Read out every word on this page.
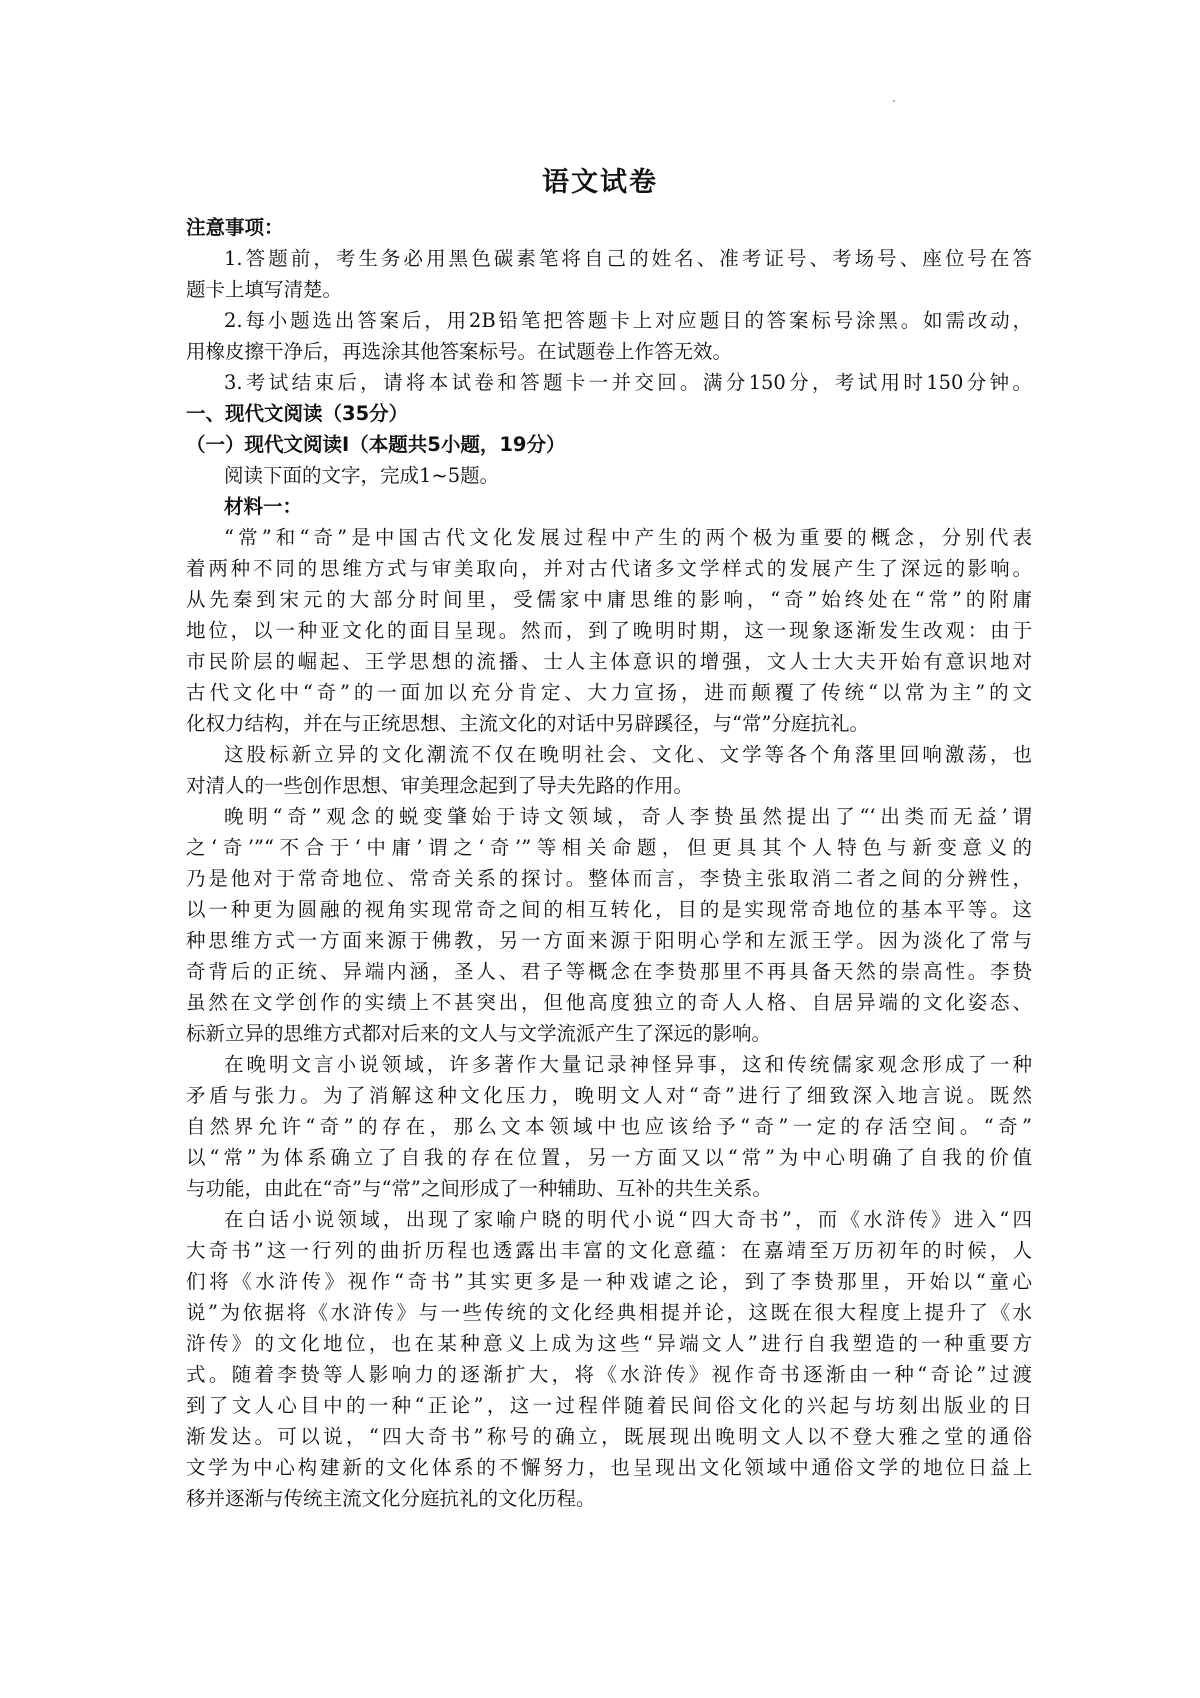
语文试卷
注意事项：
1.答题前，考生务必用黑色碳素笔将自己的姓名、准考证号、考场号、座位号在答
题卡上填写清楚。
2.每小题选出答案后，用2B铅笔把答题卡上对应题目的答案标号涂黑。如需改动，
用橡皮擦干净后，再选涂其他答案标号。在试题卷上作答无效。
3.考试结束后，请将本试卷和答题卡一并交回。满分150分，考试用时150分钟。
一、现代文阅读（35分）
（一）现代文阅读Ⅰ（本题共5小题，19分）
阅读下面的文字，完成1~5题。
材料一：
“常”和“奇”是中国古代文化发展过程中产生的两个极为重要的概念，分别代表
着两种不同的思维方式与审美取向，并对古代诸多文学样式的发展产生了深远的影响。
从先秦到宋元的大部分时间里，受儒家中庸思维的影响，“奇”始终处在“常”的附庸
地位，以一种亚文化的面目呈现。然而，到了晚明时期，这一现象逐渐发生改观：由于
市民阶层的崛起、王学思想的流播、士人主体意识的增强，文人士大夫开始有意识地对
古代文化中“奇”的一面加以充分肯定、大力宣扬，进而颠覆了传统“以常为主”的文
化权力结构，并在与正统思想、主流文化的对话中另辟蹊径，与“常”分庭抗礼。
这股标新立异的文化潮流不仅在晚明社会、文化、文学等各个角落里回响激荡，也
对清人的一些创作思想、审美理念起到了导夫先路的作用。
晚明“奇”观念的蜕变肇始于诗文领域，奇人李贽虽然提出了“‘出类而无益’谓
之‘奇’”“不合于‘中庸’谓之‘奇’”等相关命题，但更具其个人特色与新变意义的
乃是他对于常奇地位、常奇关系的探讨。整体而言，李贽主张取消二者之间的分辨性，
以一种更为圆融的视角实现常奇之间的相互转化，目的是实现常奇地位的基本平等。这
种思维方式一方面来源于佛教，另一方面来源于阳明心学和左派王学。因为淡化了常与
奇背后的正统、异端内涵，圣人、君子等概念在李贽那里不再具备天然的崇高性。李贽
虽然在文学创作的实绩上不甚突出，但他高度独立的奇人人格、自居异端的文化姿态、
标新立异的思维方式都对后来的文人与文学流派产生了深远的影响。
在晚明文言小说领域，许多著作大量记录神怪异事，这和传统儒家观念形成了一种
矛盾与张力。为了消解这种文化压力，晚明文人对“奇”进行了细致深入地言说。既然
自然界允许“奇”的存在，那么文本领域中也应该给予“奇”一定的存活空间。“奇”
以“常”为体系确立了自我的存在位置，另一方面又以“常”为中心明确了自我的价值
与功能，由此在“奇”与“常”之间形成了一种辅助、互补的共生关系。
在白话小说领域，出现了家喻户晓的明代小说“四大奇书”，而《水浒传》进入“四
大奇书”这一行列的曲折历程也透露出丰富的文化意蕴：在嘉靖至万历初年的时候，人
们将《水浒传》视作“奇书”其实更多是一种戏谑之论，到了李贽那里，开始以“童心
说”为依据将《水浒传》与一些传统的文化经典相提并论，这既在很大程度上提升了《水
浒传》的文化地位，也在某种意义上成为这些“异端文人”进行自我塑造的一种重要方
式。随着李贽等人影响力的逐渐扩大，将《水浒传》视作奇书逐渐由一种“奇论”过渡
到了文人心目中的一种“正论”，这一过程伴随着民间俗文化的兴起与坊刻出版业的日
渐发达。可以说，“四大奇书”称号的确立，既展现出晚明文人以不登大雅之堂的通俗
文学为中心构建新的文化体系的不懈努力，也呈现出文化领域中通俗文学的地位日益上
移并逐渐与传统主流文化分庭抗礼的文化历程。
